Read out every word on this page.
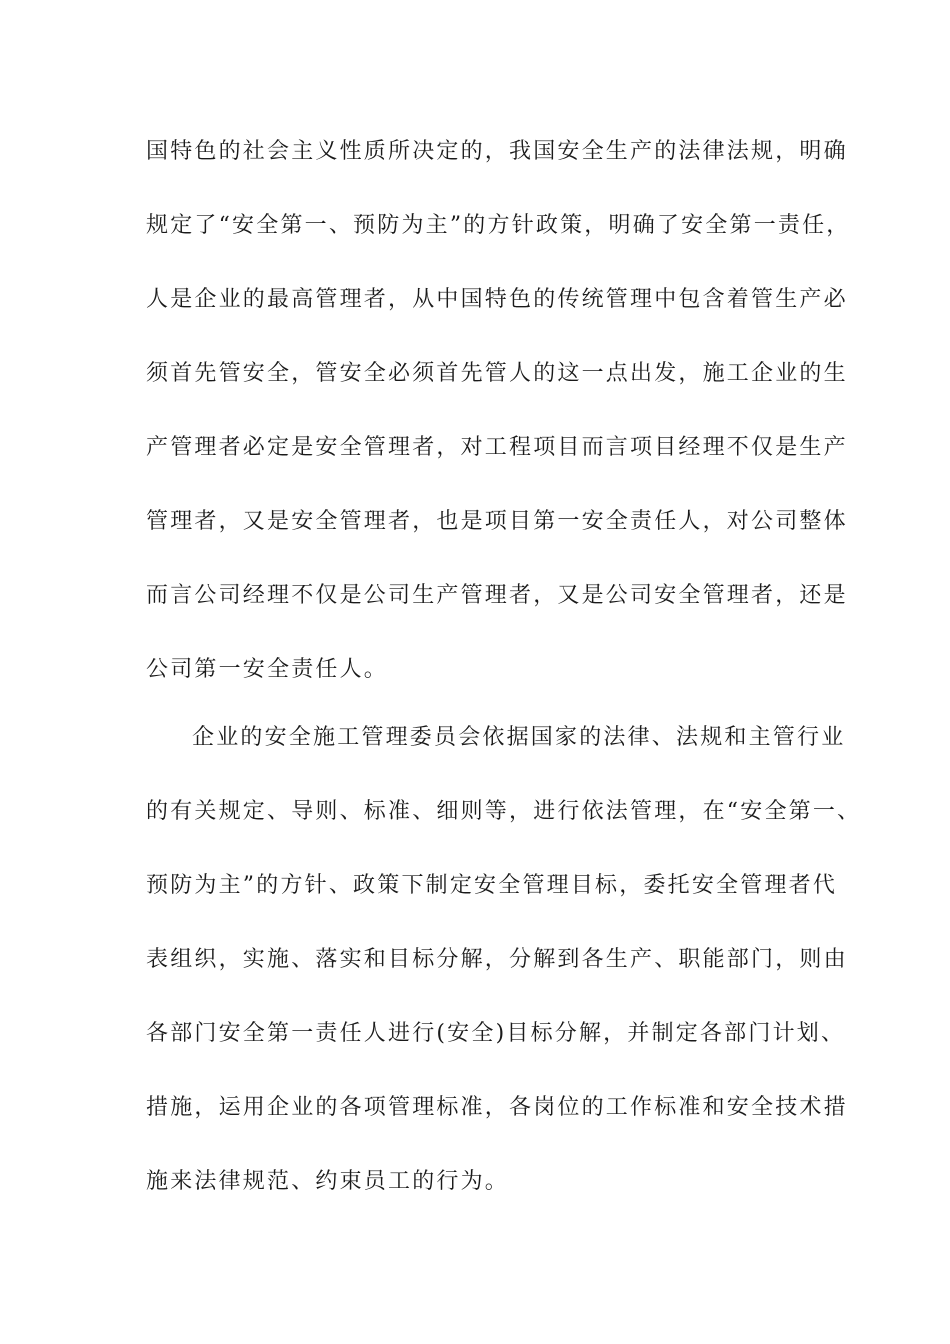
国特色的社会主义性质所决定的，我国安全生产的法律法规，明确
规定了“安全第一、预防为主”的方针政策，明确了安全第一责任，
人是企业的最高管理者，从中国特色的传统管理中包含着管生产必
须首先管安全，管安全必须首先管人的这一点出发，施工企业的生
产管理者必定是安全管理者，对工程项目而言项目经理不仅是生产
管理者，又是安全管理者，也是项目第一安全责任人，对公司整体
而言公司经理不仅是公司生产管理者，又是公司安全管理者，还是
公司第一安全责任人。
企业的安全施工管理委员会依据国家的法律、法规和主管行业
的有关规定、导则、标准、细则等，进行依法管理，在“安全第一、
预防为主”的方针、政策下制定安全管理目标，委托安全管理者代
表组织，实施、落实和目标分解，分解到各生产、职能部门，则由
各部门安全第一责任人进行(安全)目标分解，并制定各部门计划、
措施，运用企业的各项管理标准，各岗位的工作标准和安全技术措
施来法律规范、约束员工的行为。
